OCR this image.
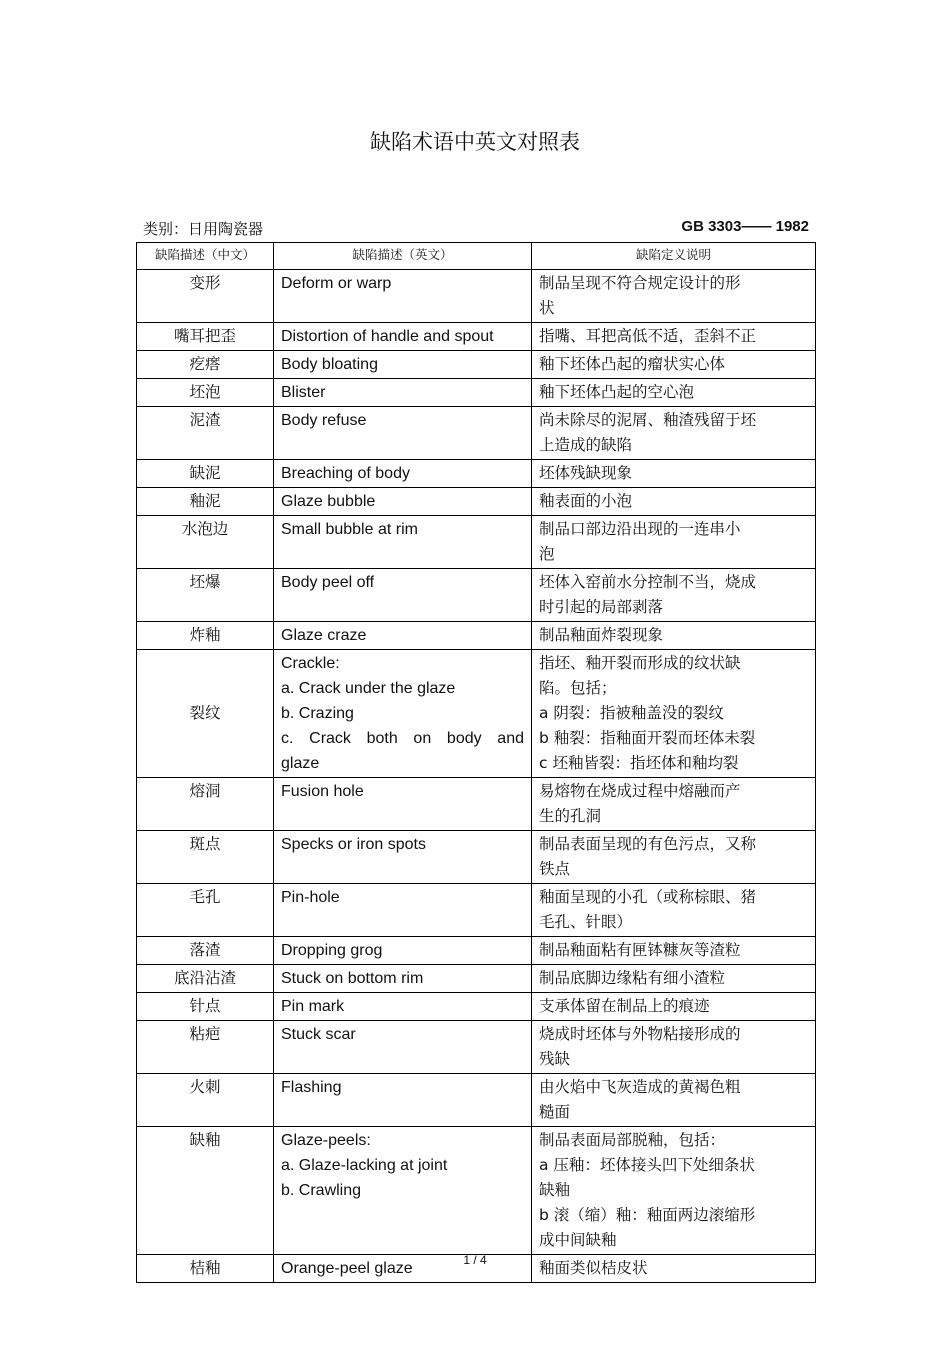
缺陷术语中英文对照表
类别：日用陶瓷器	GB 3303—— 1982
缺陷描述（中文）	缺陷描述（英文）	缺陷定义说明
变形	Deform or warp	制品呈现不符合规定设计的形
状

嘴耳把歪	Distortion of handle and spout	指嘴、耳把高低不适，歪斜不正

疙瘩	Body bloating	釉下坯体凸起的瘤状实心体

坯泡	Blister	釉下坯体凸起的空心泡

泥渣	Body refuse	尚未除尽的泥屑、釉渣残留于坯
上造成的缺陷

缺泥	Breaching of body	坯体残缺现象

釉泥	Glaze bubble	釉表面的小泡

水泡边	Small bubble at rim	制品口部边沿出现的一连串小
泡

坯爆	Body peel off	坯体入窑前水分控制不当，烧成
时引起的局部剥落

炸釉	Glaze craze	制品釉面炸裂现象

裂纹	Crackle:
a. Crack under the glaze
b. Crazing
c. Crack both on body and
glaze	指坯、釉开裂而形成的纹状缺
陷。包括；
a 阴裂：指被釉盖没的裂纹
b 釉裂：指釉面开裂而坯体未裂
c 坯釉皆裂：指坯体和釉均裂

熔洞	Fusion hole	易熔物在烧成过程中熔融而产
生的孔洞

斑点	Specks or iron spots	制品表面呈现的有色污点，又称
铁点

毛孔	Pin-hole	釉面呈现的小孔（或称棕眼、猪
毛孔、针眼）

落渣	Dropping grog	制品釉面粘有匣钵糠灰等渣粒

底沿沾渣	Stuck on bottom rim	制品底脚边缘粘有细小渣粒

针点	Pin mark	支承体留在制品上的痕迹

粘疤	Stuck scar	烧成时坯体与外物粘接形成的
残缺

火刺	Flashing	由火焰中飞灰造成的黄褐色粗
糙面

缺釉	Glaze-peels:
a. Glaze-lacking at joint
b. Crawling	制品表面局部脱釉，包括：
a 压釉：坯体接头凹下处细条状
缺釉
b 滚（缩）釉：釉面两边滚缩形
成中间缺釉

桔釉	Orange-peel glaze	釉面类似桔皮状
1 / 4
